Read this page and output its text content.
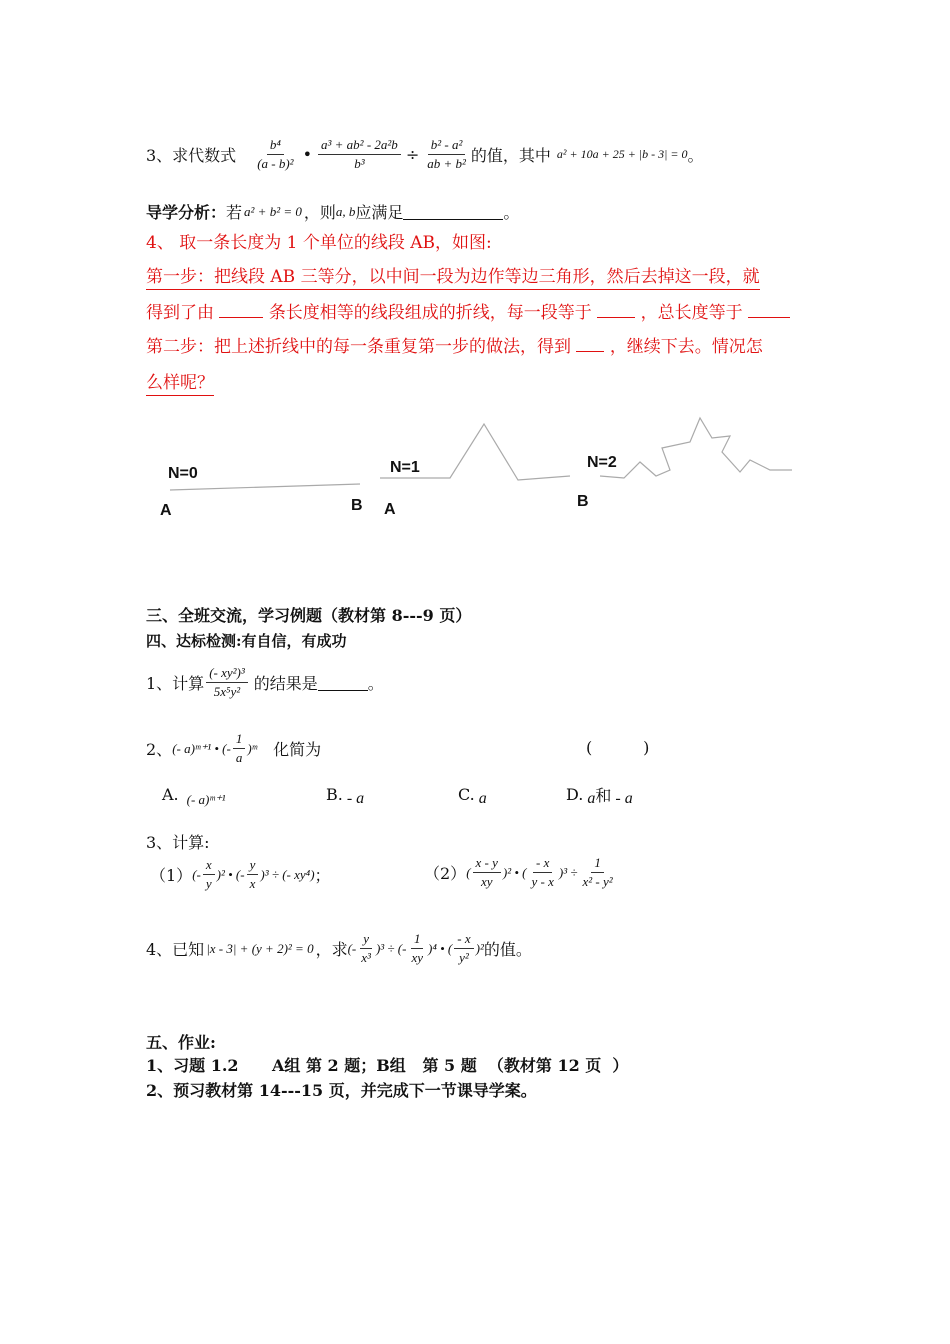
3、求代数式 $\frac{\text{b⁴}}{\text{(a - b)²}}$ • $\frac{\text{a³ + ab² - 2a²b}}{\text{b³}} \div \frac{\text{b² - a²}}{\text{ab + b²}}$ 的值，其中 a² + 10a + 25 + |b - 3| = 0 。
导学分析： 若 a² + b² = 0 ，则 a, b 应满足	。
4、 取一条长度为 1 个单位的线段 AB，如图:
第一步：把线段 AB 三等分，以中间一段为边作等边三角形，然后去掉这一段，就
得到了由	条长度相等的线段组成的折线，每一段等于	，总长度等于
第二步：把上述折线中的每一条重复第一步的做法，得到 ，继续下去。情况怎
么样呢？
N=0	N=1	N=2
A	B A	B
三、全班交流，学习例题（教材第 8---9 页）
四、达标检测:有自信，有成功
1、计算 $\frac{\text{(- xy²)³}}{\text{5x⁵y²}}$ 的结果是	。
2、 (- a)ᵐ⁺¹ • (- $\frac{1}{a}$ )ᵐ 化简为	(          )
A. (- a)ᵐ⁺¹	B. - a	C. a	D. a 和 - a
3、计算:
（1） (- $\frac{x}{y} )^2$ • (- $\frac{y}{x} )^3$ ÷ (- xy⁴) ；	（2） ( $\frac{x - y}{xy} )^2$ • ( $\frac{- x}{y - x} )^3 \div \frac{1}{\text{x² - y²}}$
4、已知 |x - 3| + (y + 2)² = 0 ，求 (- $\frac{y}{\text{x³}} )^3$ ÷ (- $\frac{1}{xy} )^4$ • ( $\frac{- x}{\text{y²}} )^2$ 的值。
五、作业:
1、习题 1.2      A组 第 2 题；B组   第 5 题  （教材第 12 页  ）
2、预习教材第 14---15 页，并完成下一节课导学案。
